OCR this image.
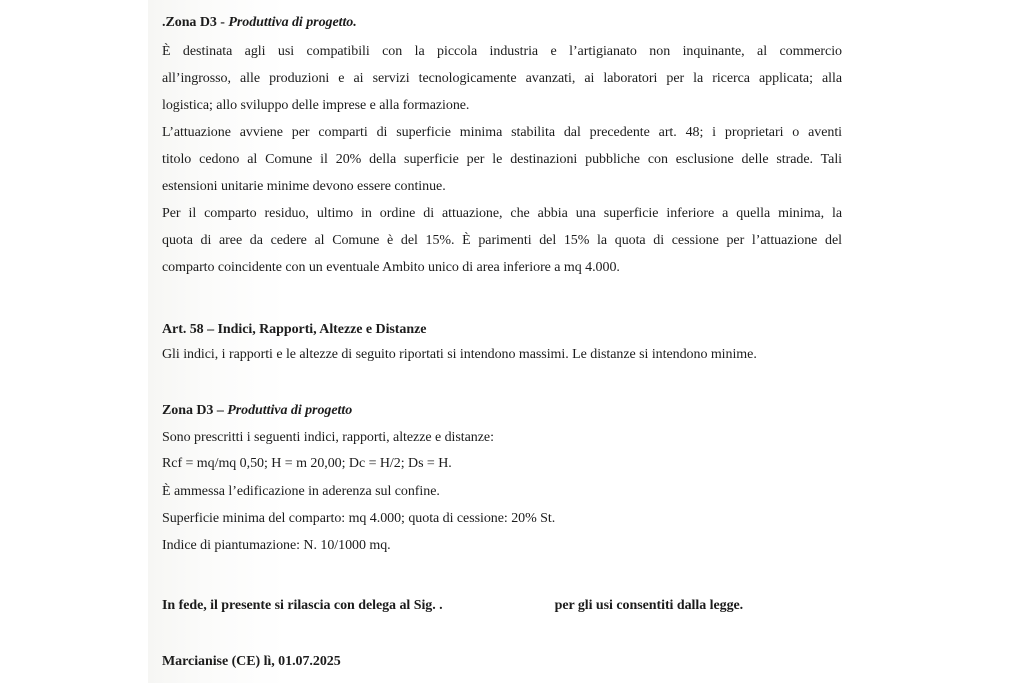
.Zona D3 - Produttiva di progetto.

È destinata agli usi compatibili con la piccola industria e l’artigianato non inquinante, al commercio

all’ingrosso, alle produzioni e ai servizi tecnologicamente avanzati, ai laboratori per la ricerca applicata; alla

logistica; allo sviluppo delle imprese e alla formazione.

L’attuazione avviene per comparti di superficie minima stabilita dal precedente art. 48; i proprietari o aventi

titolo cedono al Comune il 20% della superficie per le destinazioni pubbliche con esclusione delle strade. Tali

estensioni unitarie minime devono essere continue.

Per il comparto residuo, ultimo in ordine di attuazione, che abbia una superficie inferiore a quella minima, la

quota di aree da cedere al Comune è del 15%. È parimenti del 15% la quota di cessione per l’attuazione del

comparto coincidente con un eventuale Ambito unico di area inferiore a mq 4.000.

Art. 58 – Indici, Rapporti, Altezze e Distanze

Gli indici, i rapporti e le altezze di seguito riportati si intendono massimi. Le distanze si intendono minime.

Zona D3 – Produttiva di progetto

Sono prescritti i seguenti indici, rapporti, altezze e distanze:

Rcf = mq/mq 0,50; H = m 20,00; Dc = H/2; Ds = H.

È ammessa l’edificazione in aderenza sul confine.

Superficie minima del comparto: mq 4.000; quota di cessione: 20% St.

Indice di piantumazione: N. 10/1000 mq.

In fede, il presente si rilascia con delega al Sig. .	per gli usi consentiti dalla legge.

Marcianise (CE) lì, 01.07.2025
